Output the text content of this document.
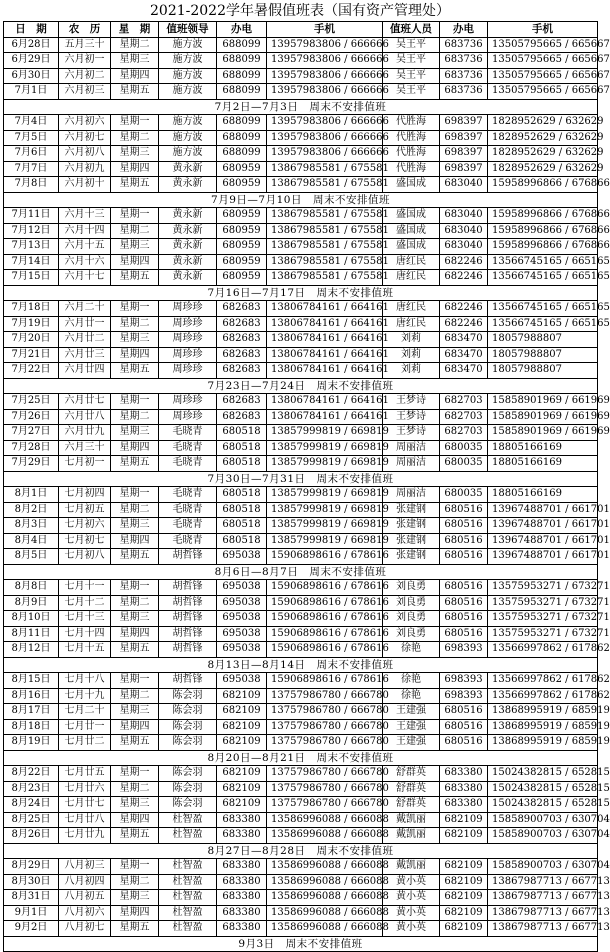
2021-2022学年暑假值班表（国有资产管理处）
日　期	农　历	星　期	值班领导	办电	手机	值班人员	办电	手机
6月28日	五月三十	星期二	施方波	688099	13957983806 / 666666	吴王平	683736	13505795665 / 665667
6月29日	六月初一	星期三	施方波	688099	13957983806 / 666666	吴王平	683736	13505795665 / 665667
6月30日	六月初二	星期四	施方波	688099	13957983806 / 666666	吴王平	683736	13505795665 / 665667
7月1日	六月初三	星期五	施方波	688099	13957983806 / 666666	吴王平	683736	13505795665 / 665667
7月2日—7月3日　周末不安排值班								
7月4日	六月初六	星期一	施方波	688099	13957983806 / 666666	代胜海	698397	1828952629 / 632629
7月5日	六月初七	星期二	施方波	688099	13957983806 / 666666	代胜海	698397	1828952629 / 632629
7月6日	六月初八	星期三	施方波	688099	13957983806 / 666666	代胜海	698397	1828952629 / 632629
7月7日	六月初九	星期四	黄永新	680959	13867985581 / 675581	代胜海	698397	1828952629 / 632629
7月8日	六月初十	星期五	黄永新	680959	13867985581 / 675581	盛国成	683040	15958996866 / 676866
7月9日—7月10日　周末不安排值班								
7月11日	六月十三	星期一	黄永新	680959	13867985581 / 675581	盛国成	683040	15958996866 / 676866
7月12日	六月十四	星期二	黄永新	680959	13867985581 / 675581	盛国成	683040	15958996866 / 676866
7月13日	六月十五	星期三	黄永新	680959	13867985581 / 675581	盛国成	683040	15958996866 / 676866
7月14日	六月十六	星期四	黄永新	680959	13867985581 / 675581	唐红民	682246	13566745165 / 665165
7月15日	六月十七	星期五	黄永新	680959	13867985581 / 675581	唐红民	682246	13566745165 / 665165
7月16日—7月17日　周末不安排值班								
7月18日	六月二十	星期一	周珍珍	682683	13806784161 / 664161	唐红民	682246	13566745165 / 665165
7月19日	六月廿一	星期二	周珍珍	682683	13806784161 / 664161	唐红民	682246	13566745165 / 665165
7月20日	六月廿二	星期三	周珍珍	682683	13806784161 / 664161	刘莉	683470	18057988807
7月21日	六月廿三	星期四	周珍珍	682683	13806784161 / 664161	刘莉	683470	18057988807
7月22日	六月廿四	星期五	周珍珍	682683	13806784161 / 664161	刘莉	683470	18057988807
7月23日—7月24日　周末不安排值班								
7月25日	六月廿七	星期一	周珍珍	682683	13806784161 / 664161	王梦诗	682703	15858901969 / 661969
7月26日	六月廿八	星期二	周珍珍	682683	13806784161 / 664161	王梦诗	682703	15858901969 / 661969
7月27日	六月廿九	星期三	毛晓青	680518	13857999819 / 669819	王梦诗	682703	15858901969 / 661969
7月28日	六月三十	星期四	毛晓青	680518	13857999819 / 669819	周丽洁	680035	18805166169
7月29日	七月初一	星期五	毛晓青	680518	13857999819 / 669819	周丽洁	680035	18805166169
7月30日—7月31日　周末不安排值班								
8月1日	七月初四	星期一	毛晓青	680518	13857999819 / 669819	周丽洁	680035	18805166169
8月2日	七月初五	星期二	毛晓青	680518	13857999819 / 669819	张建钢	680516	13967488701 / 661701
8月3日	七月初六	星期三	毛晓青	680518	13857999819 / 669819	张建钢	680516	13967488701 / 661701
8月4日	七月初七	星期四	毛晓青	680518	13857999819 / 669819	张建钢	680516	13967488701 / 661701
8月5日	七月初八	星期五	胡哲锋	695038	15906898616 / 678616	张建钢	680516	13967488701 / 661701
8月6日—8月7日　周末不安排值班								
8月8日	七月十一	星期一	胡哲锋	695038	15906898616 / 678616	刘良勇	680516	13575953271 / 673271
8月9日	七月十二	星期二	胡哲锋	695038	15906898616 / 678616	刘良勇	680516	13575953271 / 673271
8月10日	七月十三	星期三	胡哲锋	695038	15906898616 / 678616	刘良勇	680516	13575953271 / 673271
8月11日	七月十四	星期四	胡哲锋	695038	15906898616 / 678616	刘良勇	680516	13575953271 / 673271
8月12日	七月十五	星期五	胡哲锋	695038	15906898616 / 678616	徐艳	698393	13566997862 / 617862
8月13日—8月14日　周末不安排值班								
8月15日	七月十八	星期一	胡哲锋	695038	15906898616 / 678616	徐艳	698393	13566997862 / 617862
8月16日	七月十九	星期二	陈会羽	682109	13757986780 / 666780	徐艳	698393	13566997862 / 617862
8月17日	七月二十	星期三	陈会羽	682109	13757986780 / 666780	王建强	680516	13868995919 / 685919
8月18日	七月廿一	星期四	陈会羽	682109	13757986780 / 666780	王建强	680516	13868995919 / 685919
8月19日	七月廿二	星期五	陈会羽	682109	13757986780 / 666780	王建强	680516	13868995919 / 685919
8月20日—8月21日　周末不安排值班								
8月22日	七月廿五	星期一	陈会羽	682109	13757986780 / 666780	舒群英	683380	15024382815 / 652815
8月23日	七月廿六	星期二	陈会羽	682109	13757986780 / 666780	舒群英	683380	15024382815 / 652815
8月24日	七月廿七	星期三	陈会羽	682109	13757986780 / 666780	舒群英	683380	15024382815 / 652815
8月25日	七月廿八	星期四	杜智盈	683380	13586996088 / 666088	戴凯丽	682109	15858900703 / 630704
8月26日	七月廿九	星期五	杜智盈	683380	13586996088 / 666088	戴凯丽	682109	15858900703 / 630704
8月27日—8月28日　周末不安排值班								
8月29日	八月初三	星期一	杜智盈	683380	13586996088 / 666088	戴凯丽	682109	15858900703 / 630704
8月30日	八月初四	星期二	杜智盈	683380	13586996088 / 666088	黄小英	682109	13867987713 / 667713
8月31日	八月初五	星期三	杜智盈	683380	13586996088 / 666088	黄小英	682109	13867987713 / 667713
9月1日	八月初六	星期四	杜智盈	683380	13586996088 / 666088	黄小英	682109	13867987713 / 667713
9月2日	八月初七	星期五	杜智盈	683380	13586996088 / 666088	黄小英	682109	13867987713 / 667713
9月3日　周末不安排值班								
